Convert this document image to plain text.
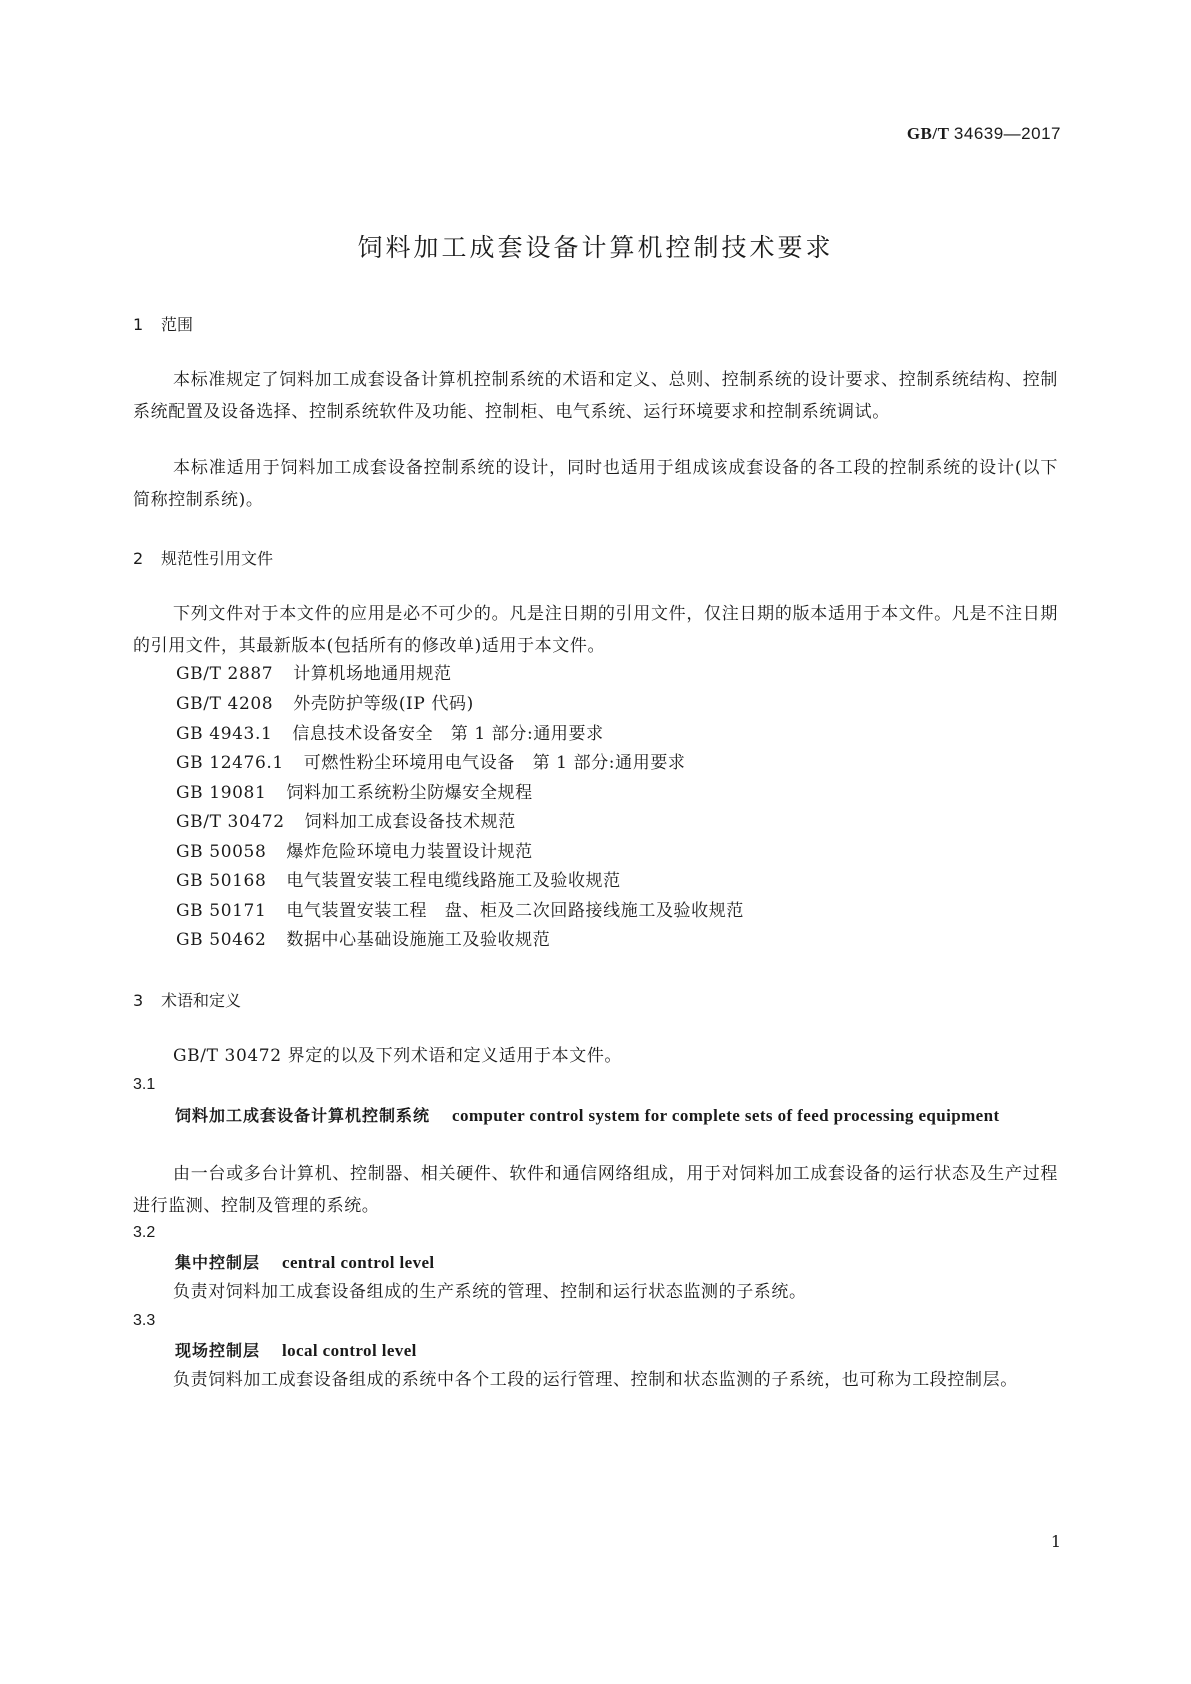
GB/T 34639—2017
饲料加工成套设备计算机控制技术要求
1 范围
本标准规定了饲料加工成套设备计算机控制系统的术语和定义、总则、控制系统的设计要求、控制系统结构、控制系统配置及设备选择、控制系统软件及功能、控制柜、电气系统、运行环境要求和控制系统调试。
本标准适用于饲料加工成套设备控制系统的设计，同时也适用于组成该成套设备的各工段的控制系统的设计(以下简称控制系统)。
2 规范性引用文件
下列文件对于本文件的应用是必不可少的。凡是注日期的引用文件，仅注日期的版本适用于本文件。凡是不注日期的引用文件，其最新版本(包括所有的修改单)适用于本文件。
GB/T 2887 计算机场地通用规范
GB/T 4208 外壳防护等级(IP 代码)
GB 4943.1 信息技术设备安全　第 1 部分:通用要求
GB 12476.1 可燃性粉尘环境用电气设备　第 1 部分:通用要求
GB 19081 饲料加工系统粉尘防爆安全规程
GB/T 30472 饲料加工成套设备技术规范
GB 50058 爆炸危险环境电力装置设计规范
GB 50168 电气装置安装工程电缆线路施工及验收规范
GB 50171 电气装置安装工程　盘、柜及二次回路接线施工及验收规范
GB 50462 数据中心基础设施施工及验收规范
3 术语和定义
GB/T 30472 界定的以及下列术语和定义适用于本文件。
3.1
饲料加工成套设备计算机控制系统 computer control system for complete sets of feed processing equipment
由一台或多台计算机、控制器、相关硬件、软件和通信网络组成，用于对饲料加工成套设备的运行状态及生产过程进行监测、控制及管理的系统。
3.2
集中控制层 central control level
负责对饲料加工成套设备组成的生产系统的管理、控制和运行状态监测的子系统。
3.3
现场控制层 local control level
负责饲料加工成套设备组成的系统中各个工段的运行管理、控制和状态监测的子系统，也可称为工段控制层。
1
